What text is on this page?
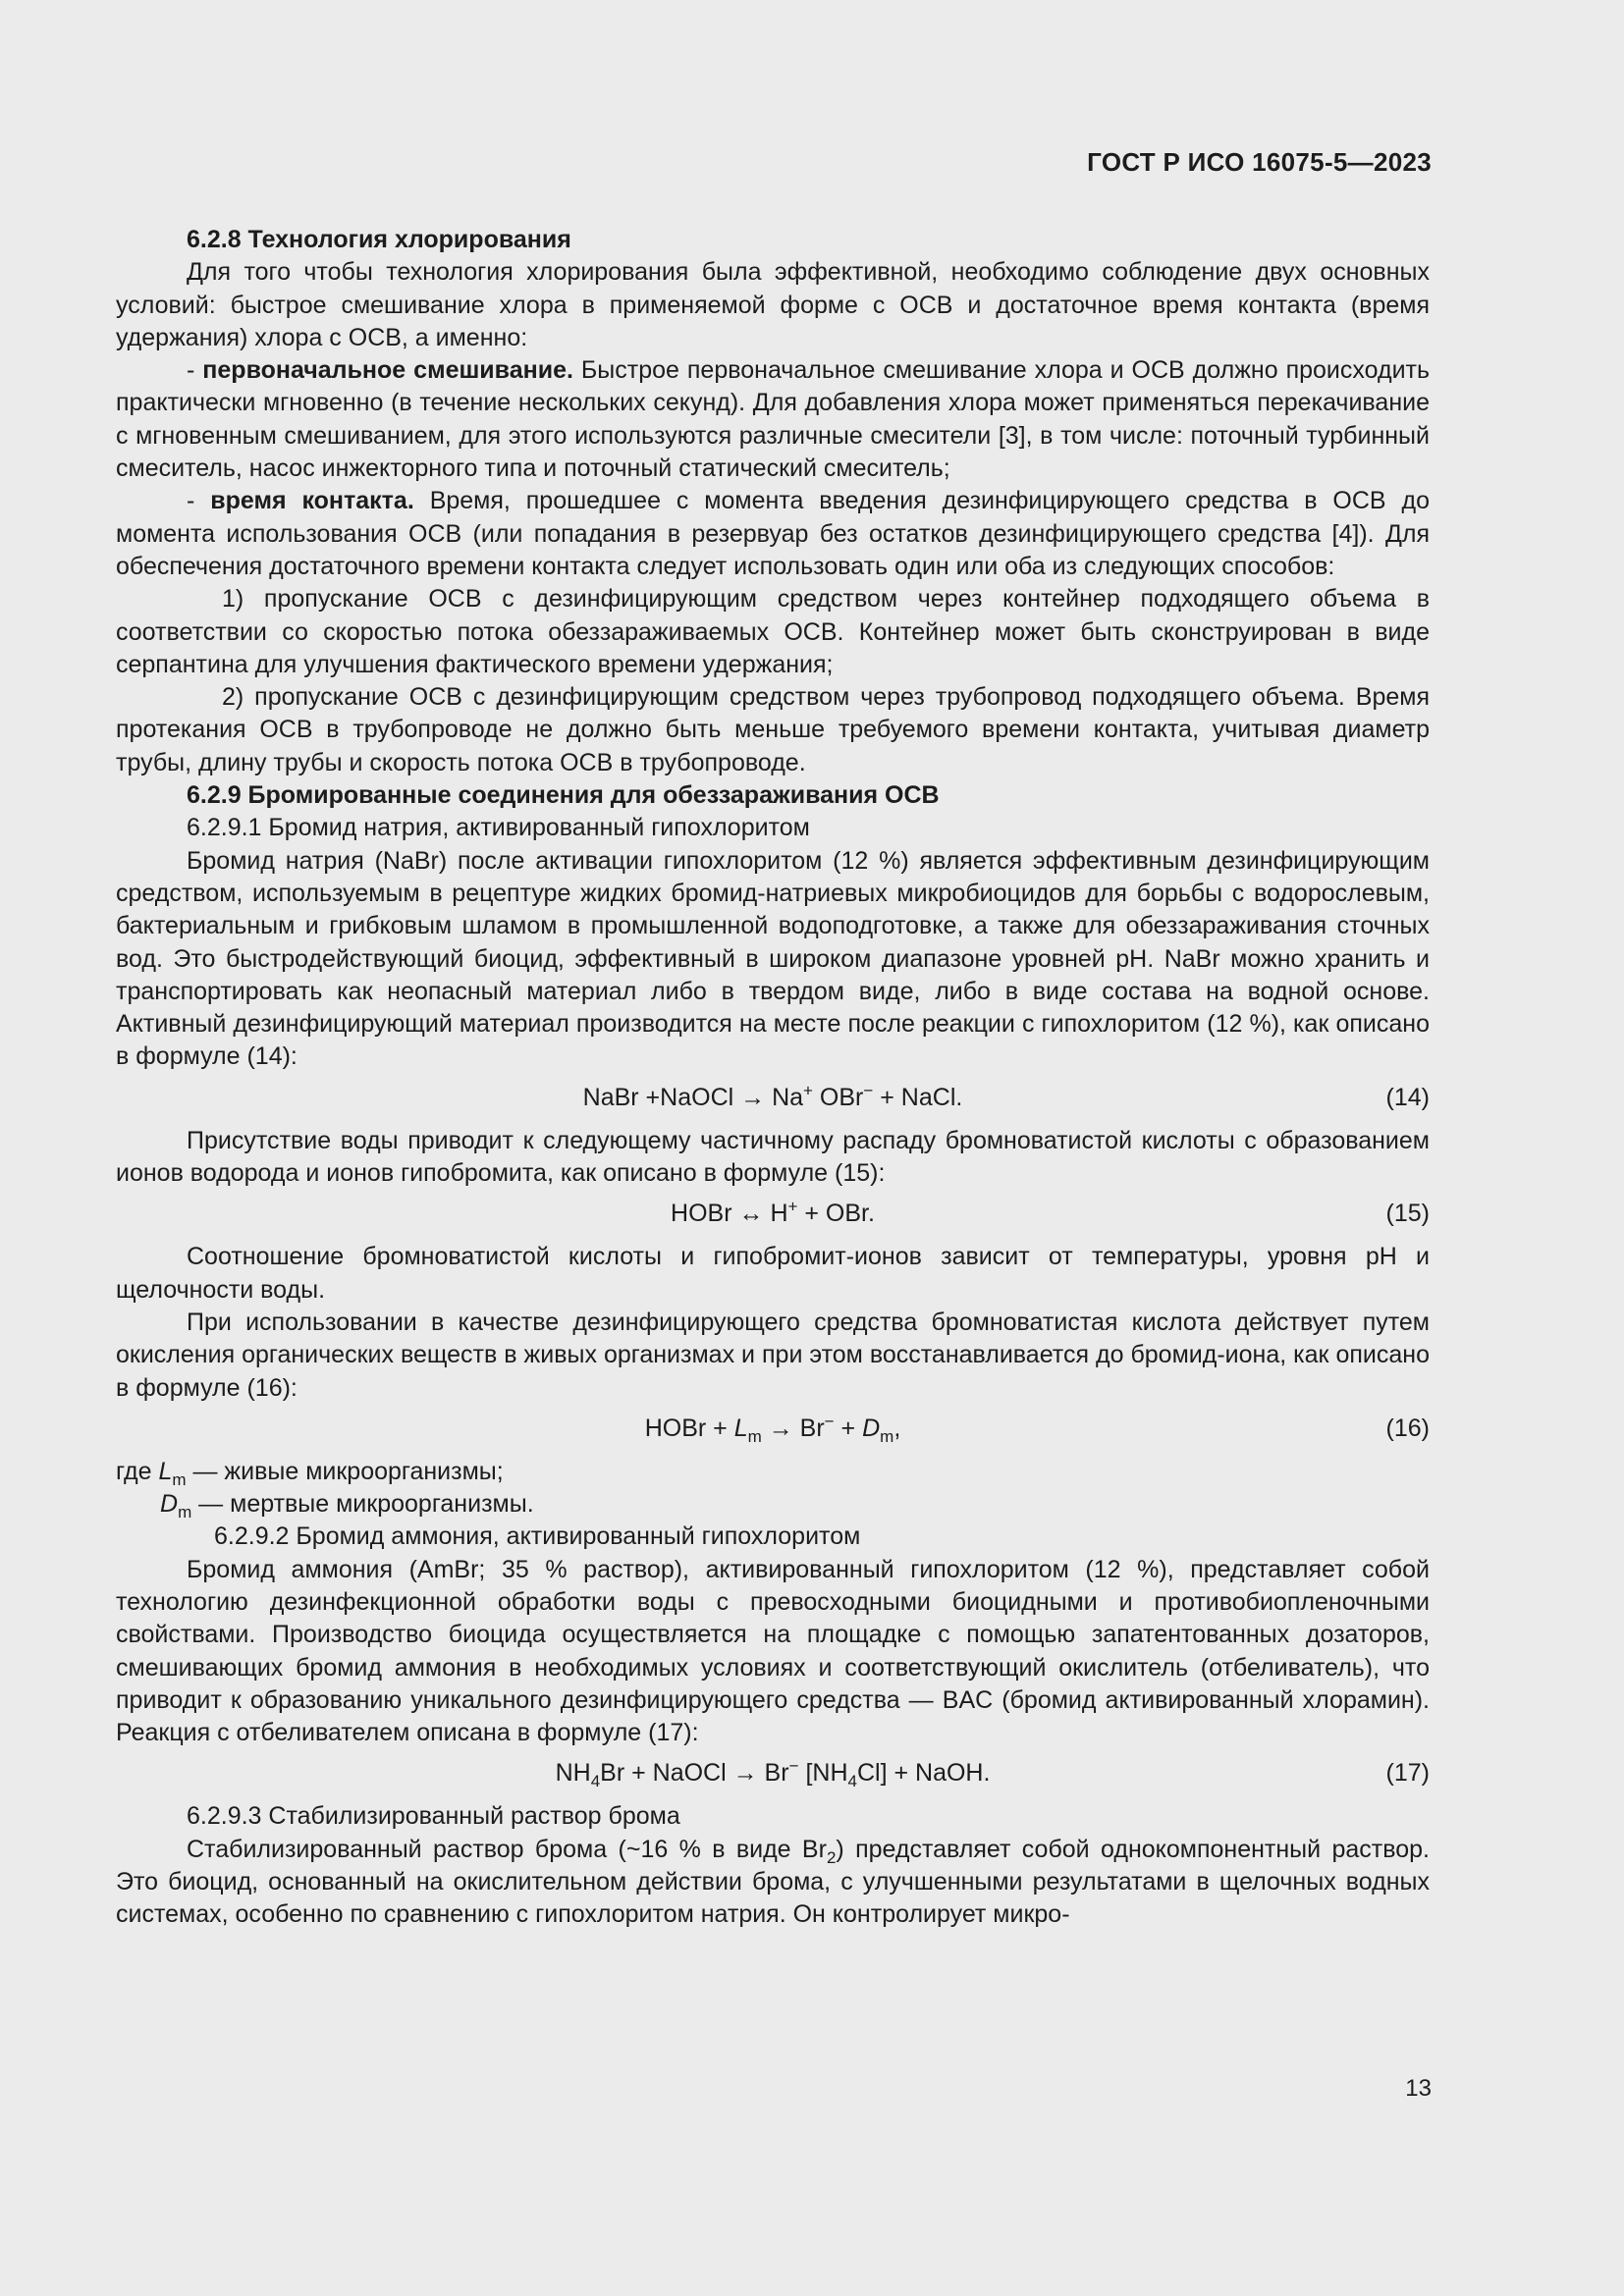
ГОСТ Р ИСО 16075-5—2023

6.2.8 Технология хлорирования

Для того чтобы технология хлорирования была эффективной, необходимо соблюдение двух основных условий: быстрое смешивание хлора в применяемой форме с ОСВ и достаточное время контакта (время удержания) хлора с ОСВ, а именно:

- первоначальное смешивание. Быстрое первоначальное смешивание хлора и ОСВ должно происходить практически мгновенно (в течение нескольких секунд). Для добавления хлора может применяться перекачивание с мгновенным смешиванием, для этого используются различные смесители [3], в том числе: поточный турбинный смеситель, насос инжекторного типа и поточный статический смеситель;

- время контакта. Время, прошедшее с момента введения дезинфицирующего средства в ОСВ до момента использования ОСВ (или попадания в резервуар без остатков дезинфицирующего средства [4]). Для обеспечения достаточного времени контакта следует использовать один или оба из следующих способов:

1) пропускание ОСВ с дезинфицирующим средством через контейнер подходящего объема в соответствии со скоростью потока обеззараживаемых ОСВ. Контейнер может быть сконструирован в виде серпантина для улучшения фактического времени удержания;

2) пропускание ОСВ с дезинфицирующим средством через трубопровод подходящего объема. Время протекания ОСВ в трубопроводе не должно быть меньше требуемого времени контакта, учитывая диаметр трубы, длину трубы и скорость потока ОСВ в трубопроводе.

6.2.9 Бромированные соединения для обеззараживания ОСВ

6.2.9.1 Бромид натрия, активированный гипохлоритом

Бромид натрия (NaBr) после активации гипохлоритом (12 %) является эффективным дезинфицирующим средством, используемым в рецептуре жидких бромид-натриевых микробиоцидов для борьбы с водорослевым, бактериальным и грибковым шламом в промышленной водоподготовке, а также для обеззараживания сточных вод. Это быстродействующий биоцид, эффективный в широком диапазоне уровней pH. NaBr можно хранить и транспортировать как неопасный материал либо в твердом виде, либо в виде состава на водной основе. Активный дезинфицирующий материал производится на месте после реакции с гипохлоритом (12 %), как описано в формуле (14):

NaBr +NaOCl → Na+ OBr− + NaCl.	(14)

Присутствие воды приводит к следующему частичному распаду бромноватистой кислоты с образованием ионов водорода и ионов гипобромита, как описано в формуле (15):

HOBr ↔ H+ + OBr.	(15)

Соотношение бромноватистой кислоты и гипобромит-ионов зависит от температуры, уровня pH и щелочности воды.

При использовании в качестве дезинфицирующего средства бромноватистая кислота действует путем окисления органических веществ в живых организмах и при этом восстанавливается до бромид-иона, как описано в формуле (16):

HOBr + $L_m \to Br^- + D_m$,	(16)

где $L_m$ — живые микроорганизмы;

$D_m$ — мертвые микроорганизмы.

6.2.9.2 Бромид аммония, активированный гипохлоритом

Бромид аммония (AmBr; 35 % раствор), активированный гипохлоритом (12 %), представляет собой технологию дезинфекционной обработки воды с превосходными биоцидными и противобиопленочными свойствами. Производство биоцида осуществляется на площадке с помощью запатентованных дозаторов, смешивающих бромид аммония в необходимых условиях и соответствующий окислитель (отбеливатель), что приводит к образованию уникального дезинфицирующего средства — BAC (бромид активированный хлорамин). Реакция с отбеливателем описана в формуле (17):

$NH_4Br$ + NaOCl → Br− $[NH_4Cl]$ + NaOH.	(17)

6.2.9.3 Стабилизированный раствор брома

Стабилизированный раствор брома (~16 % в виде $Br_2$) представляет собой однокомпонентный раствор. Это биоцид, основанный на окислительном действии брома, с улучшенными результатами в щелочных водных системах, особенно по сравнению с гипохлоритом натрия. Он контролирует микро-

13
